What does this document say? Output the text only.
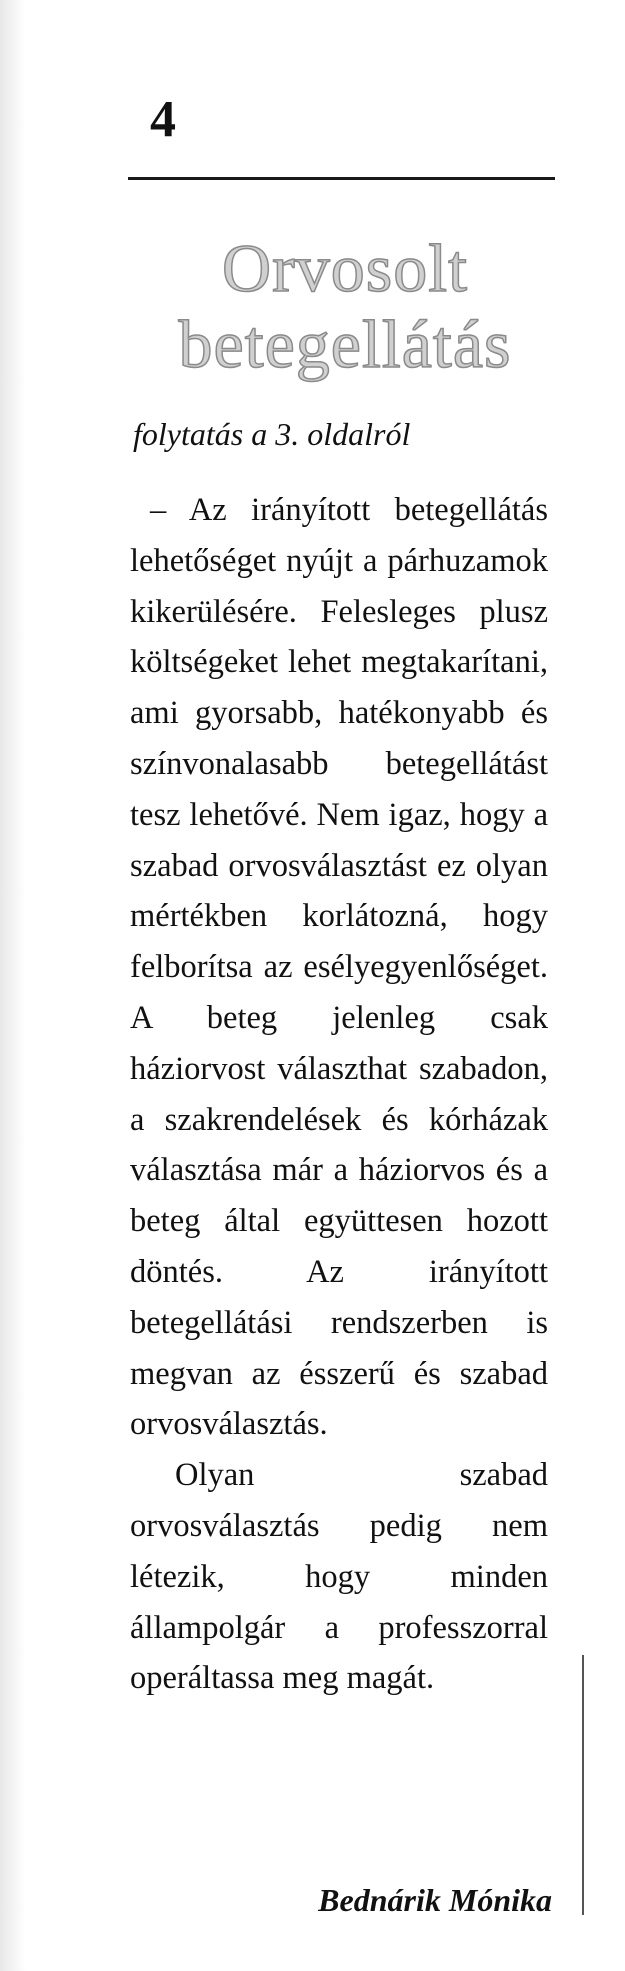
4
Orvosolt
betegellátás
folytatás a 3. oldalról

– Az irányított betegellátás lehetőséget nyújt a párhuzamok kikerülésére. Felesleges plusz költségeket lehet megtakarítani, ami gyorsabb, hatékonyabb és színvonalasabb betegellátást tesz lehetővé. Nem igaz, hogy a szabad orvosválasztást ez olyan mértékben korlátozná, hogy felborítsa az esélyegyenlőséget. A beteg jelenleg csak háziorvost választhat szabadon, a szakrendelések és kórházak választása már a háziorvos és a beteg által együttesen hozott döntés. Az irányított betegellátási rendszerben is megvan az ésszerű és szabad orvosválasztás.

Olyan szabad orvosválasztás pedig nem létezik, hogy minden állampolgár a professzorral operáltassa meg magát.

Bednárik Mónika
